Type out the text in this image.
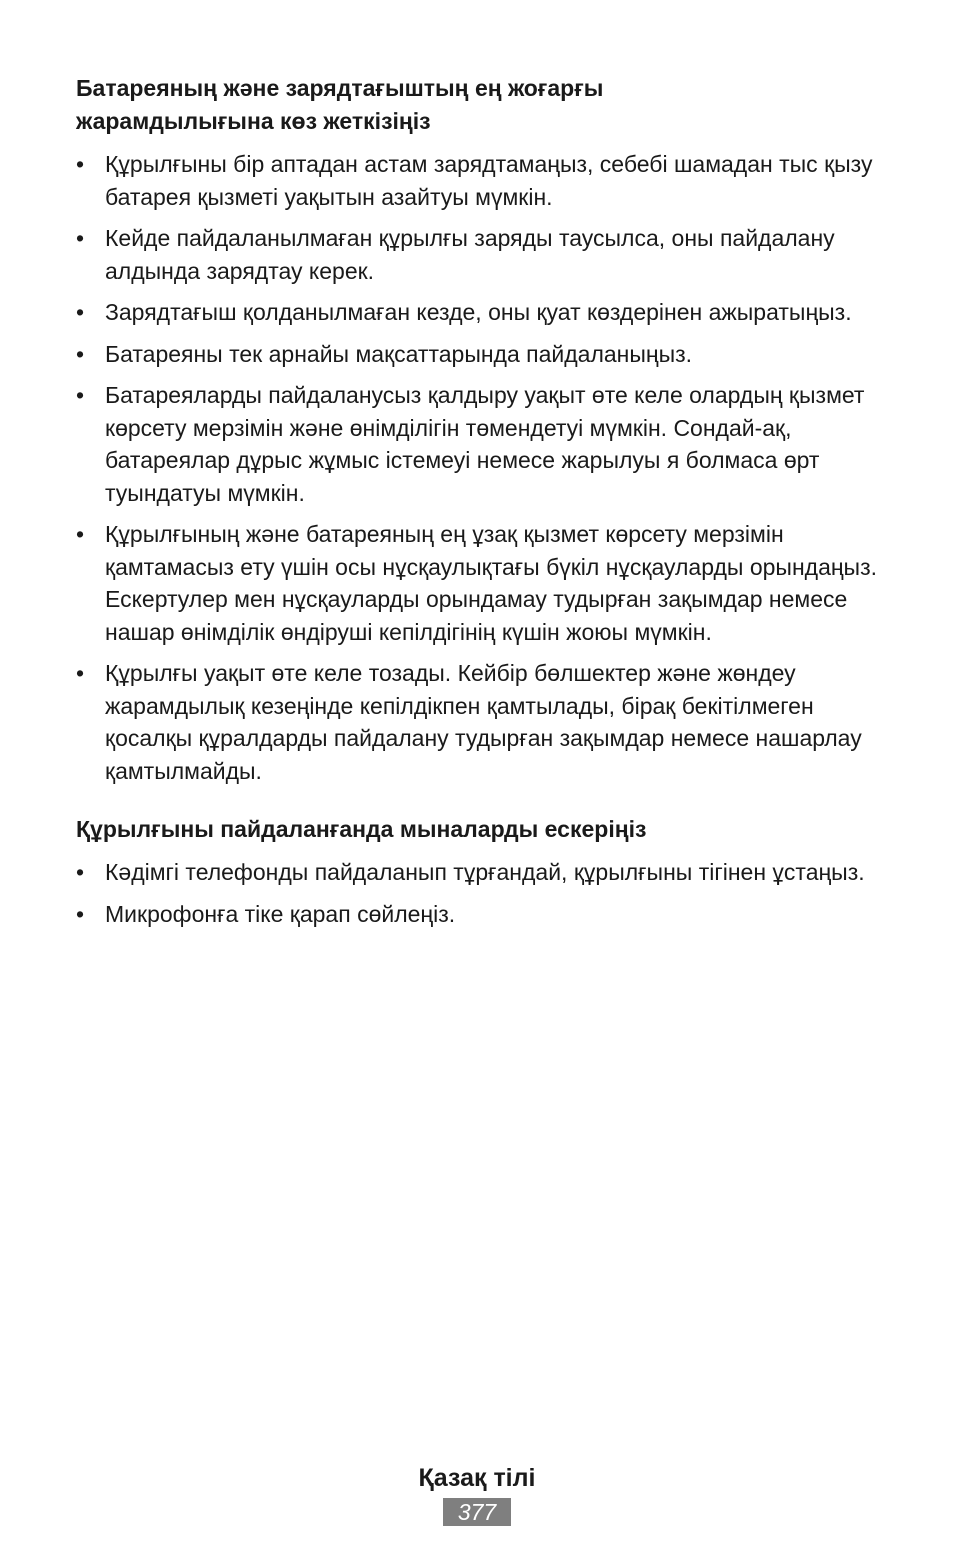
Батареяның және зарядтағыштың ең жоғарғы
жарамдылығына көз жеткізіңіз
• Құрылғыны бір аптадан астам зарядтамаңыз, себебі шамадан тыс қызу батарея қызметі уақытын азайтуы мүмкін.
• Кейде пайдаланылмаған құрылғы заряды таусылса, оны пайдалану алдында зарядтау керек.
• Зарядтағыш қолданылмаған кезде, оны қуат көздерінен ажыратыңыз.
• Батареяны тек арнайы мақсаттарында пайдаланыңыз.
• Батареяларды пайдаланусыз қалдыру уақыт өте келе олардың қызмет көрсету мерзімін және өнімділігін төмендетуі мүмкін. Сондай-ақ, батареялар дұрыс жұмыс істемеуі немесе жарылуы я болмаса өрт туындатуы мүмкін.
• Құрылғының және батареяның ең ұзақ қызмет көрсету мерзімін қамтамасыз ету үшін осы нұсқаулықтағы бүкіл нұсқауларды орындаңыз. Ескертулер мен нұсқауларды орындамау тудырған зақымдар немесе нашар өнімділік өндіруші кепілдігінің күшін жоюы мүмкін.
• Құрылғы уақыт өте келе тозады. Кейбір бөлшектер және жөндеу жарамдылық кезеңінде кепілдікпен қамтылады, бірақ бекітілмеген қосалқы құралдарды пайдалану тудырған зақымдар немесе нашарлау қамтылмайды.
Құрылғыны пайдаланғанда мыналарды ескеріңіз
• Кәдімгі телефонды пайдаланып тұрғандай, құрылғыны тігінен ұстаңыз.
• Микрофонға тіке қарап сөйлеңіз.
Қазақ тілі
377
